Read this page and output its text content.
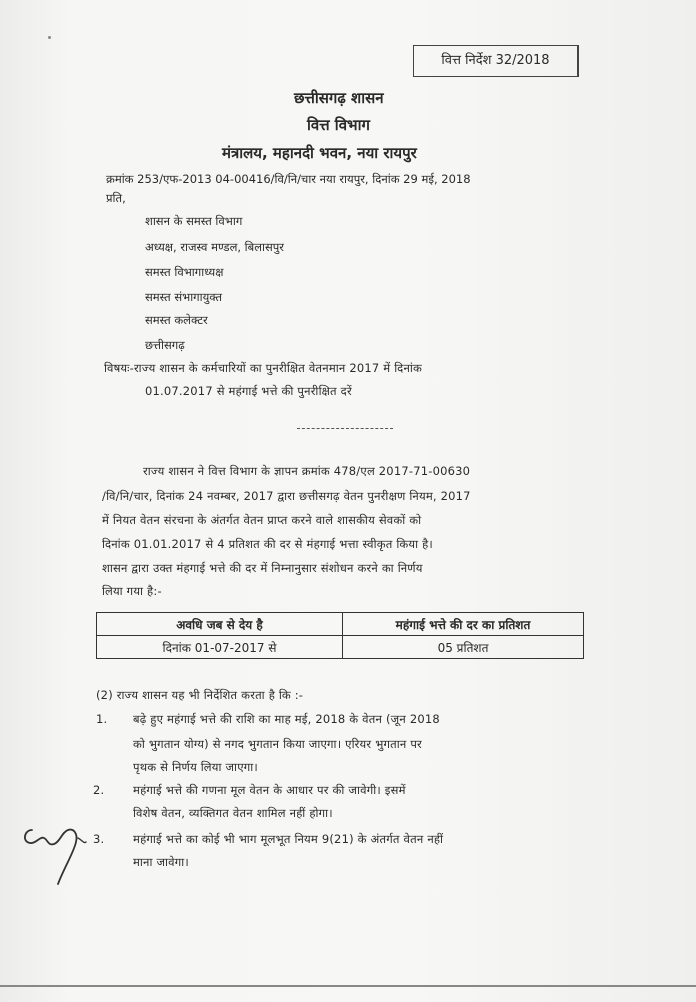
वित्त निर्देश 32/2018
छत्तीसगढ़ शासन
वित्त विभाग
मंत्रालय, महानदी भवन, नया रायपुर
क्रमांक 253/एफ-2013 04-00416/वि/नि/चार नया रायपुर, दिनांक 29 मई, 2018
प्रति,
शासन के समस्त विभाग
अध्यक्ष, राजस्व मण्डल, बिलासपुर
समस्त विभागाध्यक्ष
समस्त संभागायुक्त
समस्त कलेक्टर
छत्तीसगढ़
विषयः-राज्य शासन के कर्मचारियों का पुनरीक्षित वेतनमान 2017 में दिनांक
01.07.2017 से महंगाई भत्ते की पुनरीक्षित दरें
राज्य शासन ने वित्त विभाग के ज्ञापन क्रमांक 478/एल 2017-71-00630
/वि/नि/चार, दिनांक 24 नवम्बर, 2017 द्वारा छत्तीसगढ़ वेतन पुनरीक्षण नियम, 2017
में नियत वेतन संरचना के अंतर्गत वेतन प्राप्त करने वाले शासकीय सेवकों को
दिनांक 01.01.2017 से 4 प्रतिशत की दर से मंहगाई भत्ता स्वीकृत किया है।
शासन द्वारा उक्त मंहगाई भत्ते की दर में निम्नानुसार संशोधन करने का निर्णय
लिया गया है:-
अवधि जब से देय है	महंगाई भत्ते की दर का प्रतिशत
दिनांक 01-07-2017 से	05 प्रतिशत
(2) राज्य शासन यह भी निर्देशित करता है कि :-
1. बढ़े हुए महंगाई भत्ते की राशि का माह मई, 2018 के वेतन (जून 2018
को भुगतान योग्य) से नगद भुगतान किया जाएगा। एरियर भुगतान पर
पृथक से निर्णय लिया जाएगा।
2. महंगाई भत्ते की गणना मूल वेतन के आधार पर की जावेगी। इसमें
विशेष वेतन, व्यक्तिगत वेतन शामिल नहीं होगा।
3. महंगाई भत्ते का कोई भी भाग मूलभूत नियम 9(21) के अंतर्गत वेतन नहीं
माना जावेगा।
